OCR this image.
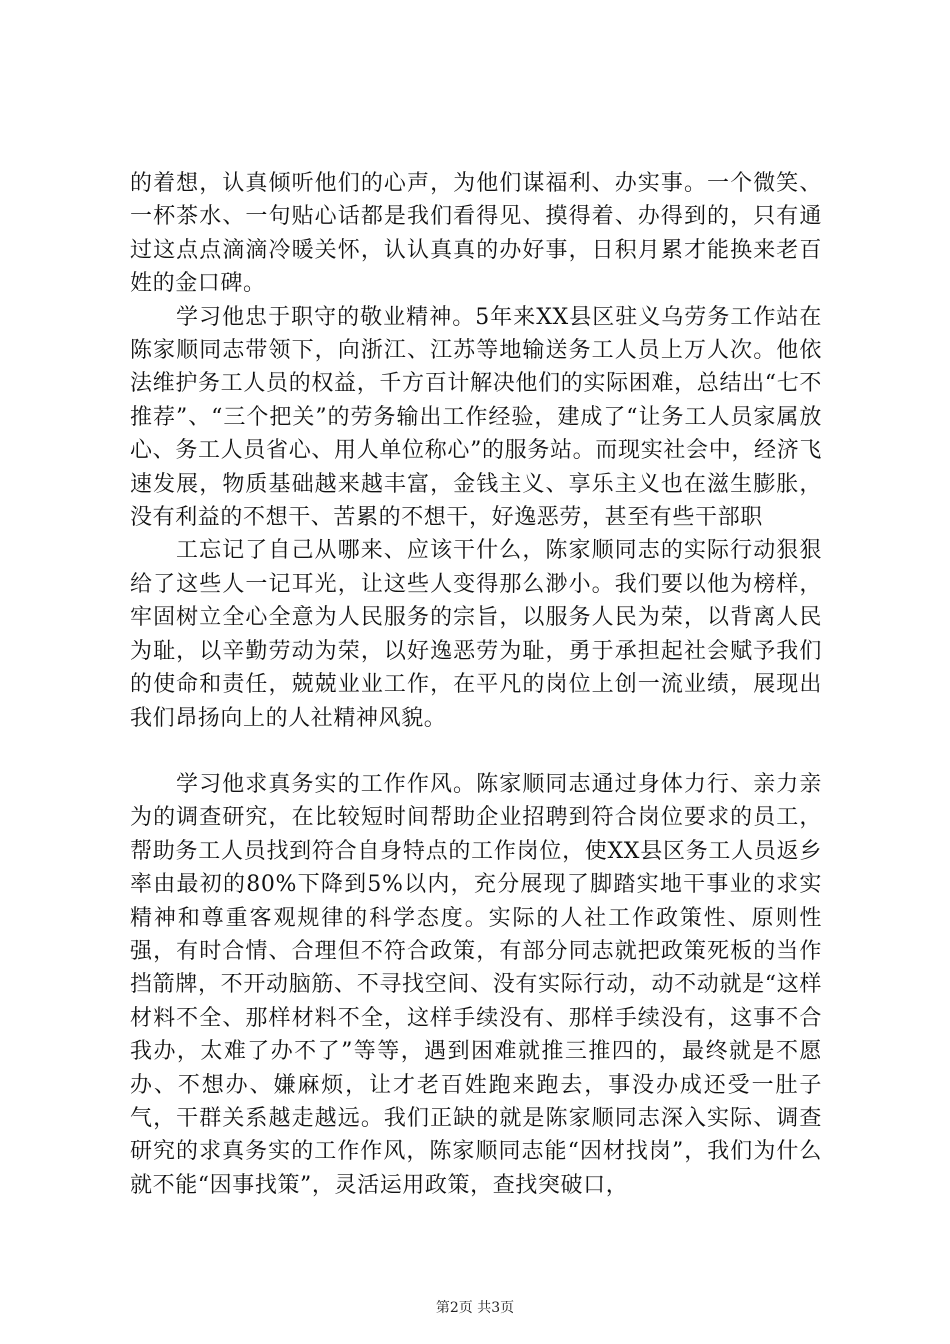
的着想，认真倾听他们的心声，为他们谋福利、办实事。一个微笑、一杯茶水、一句贴心话都是我们看得见、摸得着、办得到的，只有通过这点点滴滴冷暖关怀，认认真真的办好事，日积月累才能换来老百姓的金口碑。

学习他忠于职守的敬业精神。5年来XX县区驻义乌劳务工作站在陈家顺同志带领下，向浙江、江苏等地输送务工人员上万人次。他依法维护务工人员的权益，千方百计解决他们的实际困难，总结出“七不推荐”、“三个把关”的劳务输出工作经验，建成了“让务工人员家属放心、务工人员省心、用人单位称心”的服务站。而现实社会中，经济飞速发展，物质基础越来越丰富，金钱主义、享乐主义也在滋生膨胀，没有利益的不想干、苦累的不想干，好逸恶劳，甚至有些干部职

工忘记了自己从哪来、应该干什么，陈家顺同志的实际行动狠狠给了这些人一记耳光，让这些人变得那么渺小。我们要以他为榜样，牢固树立全心全意为人民服务的宗旨，以服务人民为荣，以背离人民为耻，以辛勤劳动为荣，以好逸恶劳为耻，勇于承担起社会赋予我们的使命和责任，兢兢业业工作，在平凡的岗位上创一流业绩，展现出我们昂扬向上的人社精神风貌。

学习他求真务实的工作作风。陈家顺同志通过身体力行、亲力亲为的调查研究，在比较短时间帮助企业招聘到符合岗位要求的员工，帮助务工人员找到符合自身特点的工作岗位，使XX县区务工人员返乡率由最初的80%下降到5%以内，充分展现了脚踏实地干事业的求实精神和尊重客观规律的科学态度。实际的人社工作政策性、原则性强，有时合情、合理但不符合政策，有部分同志就把政策死板的当作挡箭牌，不开动脑筋、不寻找空间、没有实际行动，动不动就是“这样材料不全、那样材料不全，这样手续没有、那样手续没有，这事不合我办，太难了办不了”等等，遇到困难就推三推四的，最终就是不愿办、不想办、嫌麻烦，让才老百姓跑来跑去，事没办成还受一肚子气，干群关系越走越远。我们正缺的就是陈家顺同志深入实际、调查研究的求真务实的工作作风，陈家顺同志能“因材找岗”，我们为什么就不能“因事找策”，灵活运用政策，查找突破口，

第2页 共3页
